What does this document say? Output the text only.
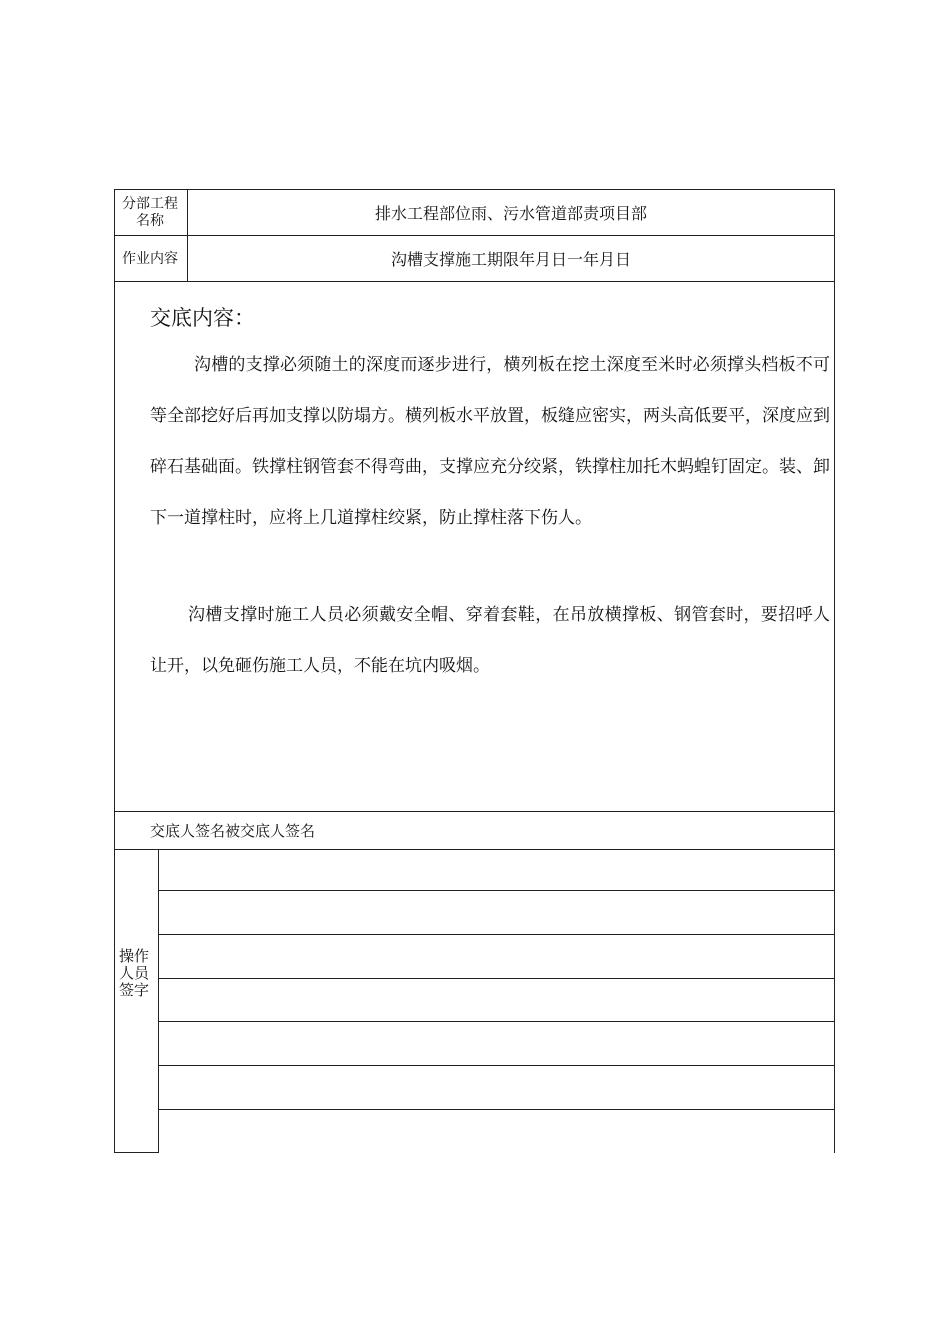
分部工程名称	排水工程部位雨、污水管道部责项目部
作业内容	沟槽支撑施工期限年月日一年月日
交底内容：
沟槽的支撑必须随土的深度而逐步进行，横列板在挖土深度至米时必须撑头档板不可等全部挖好后再加支撑以防塌方。横列板水平放置，板缝应密实，两头高低要平，深度应到碎石基础面。铁撑柱钢管套不得弯曲，支撑应充分绞紧，铁撑柱加托木蚂蝗钉固定。装、卸下一道撑柱时，应将上几道撑柱绞紧，防止撑柱落下伤人。
沟槽支撑时施工人员必须戴安全帽、穿着套鞋，在吊放横撑板、钢管套时，要招呼人让开，以免砸伤施工人员，不能在坑内吸烟。
交底人签名被交底人签名
操作人员签字
